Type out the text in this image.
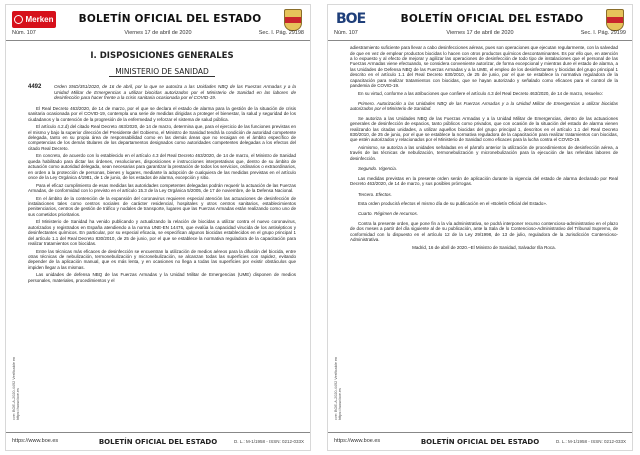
Merken	BOLETÍN OFICIAL DEL ESTADO
Núm. 107	Viernes 17 de abril de 2020	Sec. I. Pág. 29198
I. DISPOSICIONES GENERALES
MINISTERIO DE SANIDAD
4492	Orden SND/351/2020, de 16 de abril, por la que se autoriza a las Unidades NBQ de las Fuerzas Armadas y a la Unidad Militar de Emergencias a utilizar biocidas autorizados por el Ministerio de Sanidad en las labores de desinfección para hacer frente a la crisis sanitaria ocasionada por el COVID-19.

El Real Decreto 463/2020, de 14 de marzo, por el que se declara el estado de alarma para la gestión de la situación de crisis sanitaria ocasionada por el COVID-19, contempla una serie de medidas dirigidas a proteger el bienestar, la salud y seguridad de los ciudadanos y la contención de la progresión de la enfermedad y reforzar el sistema de salud pública.

El artículo 4.2.d) del citado Real Decreto 463/2020, de 14 de marzo, determina que, para el ejercicio de las funciones previstas en el mismo y bajo la superior dirección del Presidente del Gobierno, el Ministro de Sanidad tendrá la condición de autoridad competente delegada, tanto en su propia área de responsabilidad como en las demás áreas que no recaigan en el ámbito específico de competencias de los demás titulares de los departamentos designados como autoridades competentes delegadas a los efectos del citado Real Decreto.

En concreto, de acuerdo con lo establecido en el artículo 4.3 del Real Decreto 463/2020, de 14 de marzo, el Ministro de Sanidad queda habilitado para dictar las órdenes, resoluciones, disposiciones e instrucciones interpretativas que, dentro de su ámbito de actuación como autoridad delegada, sean necesarias para garantizar la prestación de todos los servicios, ordinarios o extraordinarios, en orden a la protección de personas, bienes y lugares, mediante la adopción de cualquiera de las medidas previstas en el artículo once de la Ley Orgánica 4/1981, de 1 de junio, de los estados de alarma, excepción y sitio.

Para el eficaz cumplimiento de esas medidas las autoridades competentes delegadas podrán requerir la actuación de las Fuerzas Armadas, de conformidad con lo previsto en el artículo 15.3 de la Ley Orgánica 5/2005, de 17 de noviembre, de la Defensa Nacional.

En el ámbito de la contención de la expansión del coronavirus requieren especial atención las actuaciones de desinfección de instalaciones tales como centros sociales de carácter residencial, hospitales y otros centros sanitarios, establecimientos penitenciarios, centros de gestión de tráfico y nodales de transporte, lugares que las Fuerzas Armadas están realizando como uno de sus cometidos prioritarios.

El Ministerio de Sanidad ha venido publicando y actualizando la relación de biocidas a utilizar contra el nuevo coronavirus, autorizados y registrados en España atendiendo a la norma UNE-EN 14476, que evalúa la capacidad virucida de los antisépticos y desinfectantes químicos. En particular, por su especial eficacia, se especifican algunos biocidas establecidos en el grupo principal 1 del artículo 1.1 del Real Decreto 830/2010, de 25 de junio, por el que se establece la normativa reguladora de la capacitación para realizar tratamientos con biocidas.

Entre las técnicas más eficaces de desinfección se encuentran la utilización de medios aéreos para la difusión del biocida, entre otras técnicas de nebulización, termonebulización y micronebulización, se alcanzan todas las superficies con rapidez, evitando depender de la aplicación manual, que es más lenta, y en ocasiones no llega a todas las superficies por existir obstáculos que impiden llegar a las mismas.

Las unidades de defensa NBQ de las Fuerzas Armadas y la Unidad Militar de Emergencias (UME) disponen de medios personales, materiales, procedimientos y el

cve: BOE-A-2020-4492 Verificable en https://www.boe.es
https://www.boe.es	BOLETÍN OFICIAL DEL ESTADO	D. L.: M-1/1958 - ISSN: 0212-033X
BOE	BOLETÍN OFICIAL DEL ESTADO
Núm. 107	Viernes 17 de abril de 2020	Sec. I. Pág. 29199

adiestramiento suficiente para llevar a cabo desinfecciones aéreas, pues son operaciones que ejecutan regularmente, con la salvedad de que en vez de emplear productos biocidas lo hacen con otros productos químicos descontaminantes. Es por ello que, en atención a lo expuesto y al efecto de mejorar y agilizar las operaciones de desinfección de todo tipo de instalaciones que el personal de las Fuerzas Armadas viene efectuando, se considera conveniente autorizar, de forma excepcional y mientras dure el estado de alarma, a las Unidades de Defensa NBQ de las Fuerzas Armadas y a la UME, el empleo de los desinfectantes y biocidas del grupo principal 1 descrito en el artículo 1.1 del Real Decreto 830/2010, de 25 de junio, por el que se establece la normativa reguladora de la capacitación para realizar tratamientos con biocidas, que se hayan autorizado y señalado como eficaces para el control de la pandemia de COVID-19.

En su virtud, conforme a las atribuciones que confiere el artículo 4.3 del Real Decreto 463/2020, de 14 de marzo, resuelvo:

Primero. Autorización a las Unidades NBQ de las Fuerzas Armadas y a la Unidad Militar de Emergencias a utilizar biocidas autorizados por el Ministerio de Sanidad.

Se autoriza a las Unidades NBQ de las Fuerzas Armadas y a la Unidad Militar de Emergencias, dentro de las actuaciones generales de desinfección de espacios, tanto públicos como privados, que con ocasión de la situación del estado de alarma vienen realizando las citadas unidades, a utilizar aquellos biocidas del grupo principal 1, descritos en el artículo 1.1 del Real Decreto 830/2010, de 25 de junio, por el que se establece la normativa reguladora de la capacitación para realizar tratamientos con biocidas, que estén autorizados y relacionados por el Ministerio de Sanidad como eficaces para la lucha contra el COVID-19.

Asimismo, se autoriza a las unidades señaladas en el párrafo anterior la utilización de procedimientos de desinfección aérea, a través de las técnicas de nebulización, termonebulización y micronebulización para la ejecución de las referidas labores de desinfección.

Segundo. Vigencia.

Las medidas previstas en la presente orden serán de aplicación durante la vigencia del estado de alarma declarado por Real Decreto 463/2020, de 14 de marzo, y sus posibles prórrogas.

Tercero. Efectos.

Esta orden producirá efectos el mismo día de su publicación en el «Boletín Oficial del Estado».

Cuarto. Régimen de recursos.

Contra la presente orden, que pone fin a la vía administrativa, se podrá interponer recurso contencioso-administrativo en el plazo de dos meses a partir del día siguiente al de su publicación, ante la Sala de lo Contencioso-Administrativo del Tribunal Supremo, de conformidad con lo dispuesto en el artículo 12 de la Ley 29/1998, de 13 de julio, reguladora de la Jurisdicción Contencioso-Administrativa.

Madrid, 16 de abril de 2020.–El Ministro de Sanidad, Salvador Illa Roca.

cve: BOE-A-2020-4492 Verificable en https://www.boe.es
https://www.boe.es	BOLETÍN OFICIAL DEL ESTADO	D. L.: M-1/1958 - ISSN: 0212-033X
